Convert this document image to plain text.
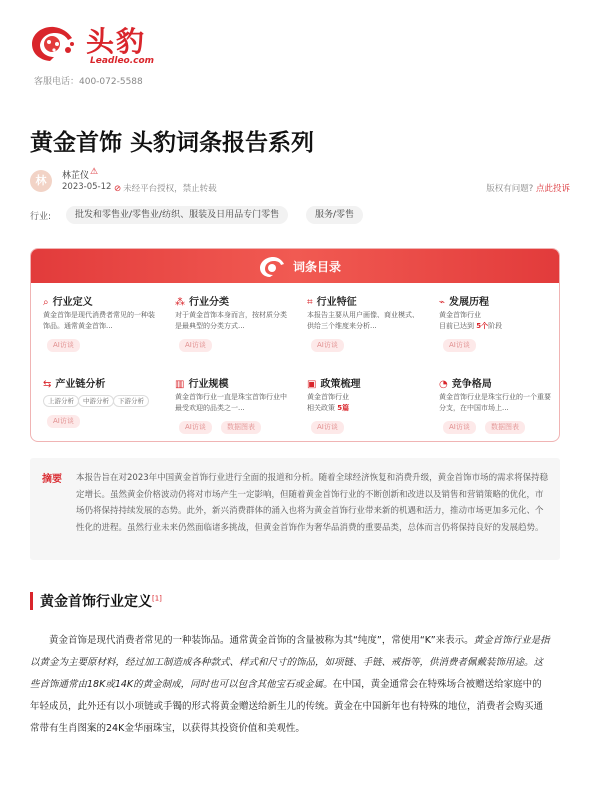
头豹
Leadleo.com
客服电话：400-072-5588
黄金首饰 头豹词条报告系列
林	林芷仪 ⚠
2023-05-12 ⊘ 未经平台授权，禁止转载	版权有问题? 点此投诉
行业:	批发和零售业/零售业/纺织、服装及日用品专门零售	服务/零售
词条目录
⌕ 行业定义
黄金首饰是现代消费者常见的一种装饰品。通常黄金首饰...
AI访谈
⁂ 行业分类
对于黄金首饰本身而言，按材质分类是最典型的分类方式...
AI访谈
⌗ 行业特征
本报告主要从用户画像、商业模式、供给三个维度来分析...
AI访谈
⌁ 发展历程
黄金首饰行业
目前已达到 5个阶段
AI访谈
⇆ 产业链分析
上游分析	中游分析	下游分析
AI访谈
▥ 行业规模
黄金首饰行业一直是珠宝首饰行业中最受欢迎的品类之一...
AI访谈	数据图表
▣ 政策梳理
黄金首饰行业
相关政策 5篇
AI访谈
◔ 竞争格局
黄金首饰行业是珠宝行业的一个重要分支，在中国市场上...
AI访谈	数据图表
摘要 本报告旨在对2023年中国黄金首饰行业进行全面的报道和分析。随着全球经济恢复和消费升级，黄金首饰市场的需求将保持稳定增长。虽然黄金价格波动仍将对市场产生一定影响，但随着黄金首饰行业的不断创新和改进以及销售和营销策略的优化，市场仍将保持持续发展的态势。此外，新兴消费群体的涌入也将为黄金首饰行业带来新的机遇和活力，推动市场更加多元化、个性化的进程。虽然行业未来仍然面临诸多挑战，但黄金首饰作为奢华品消费的重要品类，总体而言仍将保持良好的发展趋势。
黄金首饰行业定义[1]
黄金首饰是现代消费者常见的一种装饰品。通常黄金首饰的含量被称为其“纯度”，常使用“K”来表示。黄金首饰行业是指以黄金为主要原材料，经过加工制造成各种款式、样式和尺寸的饰品，如项链、手链、戒指等，供消费者佩戴装饰用途。这些首饰通常由18K或14K的黄金制成，同时也可以包含其他宝石或金属。在中国，黄金通常会在特殊场合被赠送给家庭中的年轻成员，此外还有以小项链或手镯的形式将黄金赠送给新生儿的传统。黄金在中国新年也有特殊的地位，消费者会购买通常带有生肖图案的24K金华丽珠宝，以获得其投资价值和美观性。
